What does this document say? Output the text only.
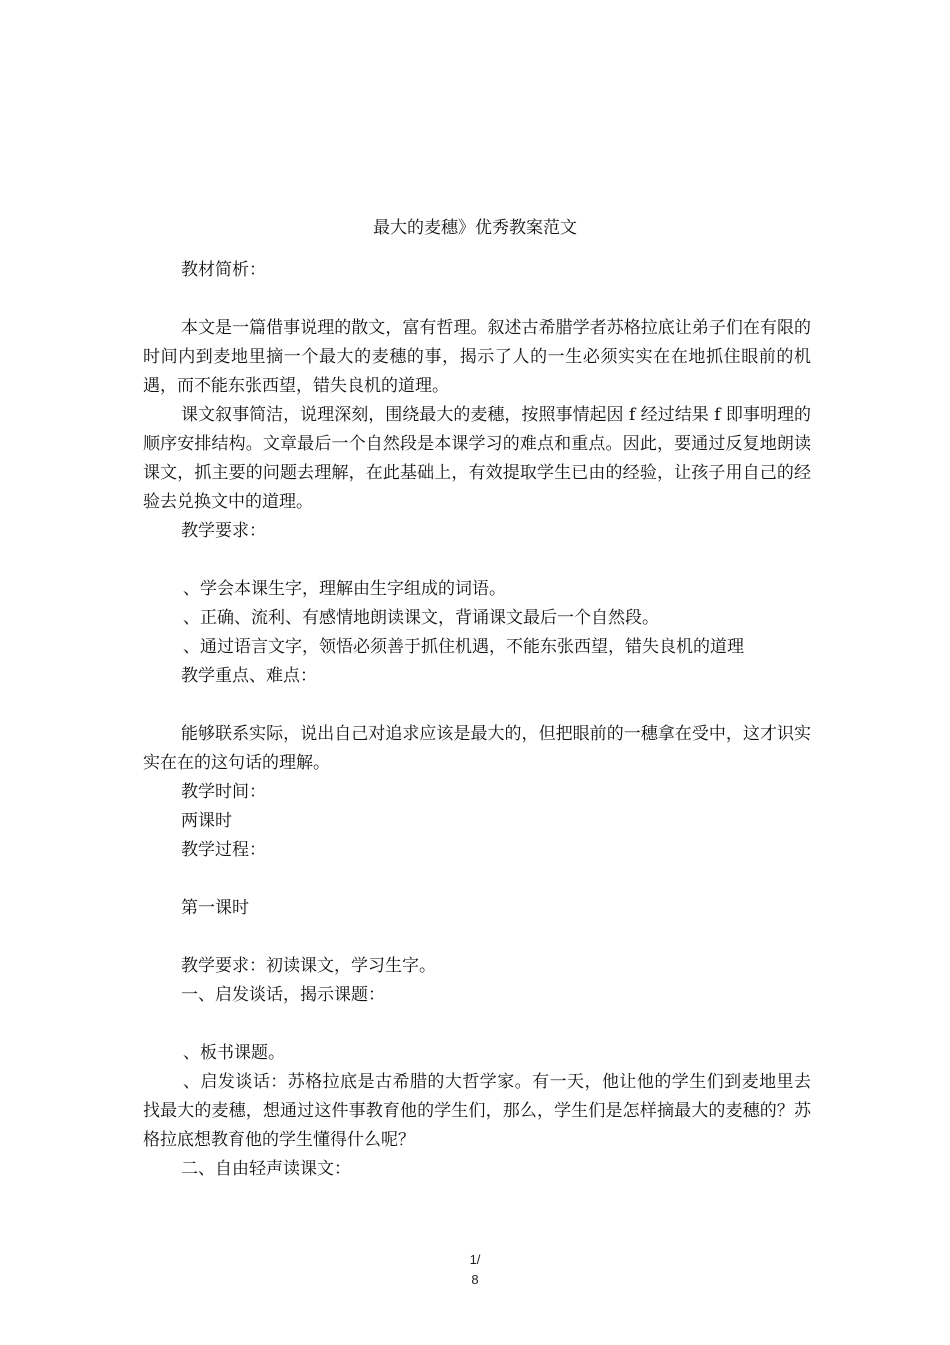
最大的麦穗》优秀教案范文

教材简析：

本文是一篇借事说理的散文，富有哲理。叙述古希腊学者苏格拉底让弟子们在有限的时间内到麦地里摘一个最大的麦穗的事，揭示了人的一生必须实实在在地抓住眼前的机遇，而不能东张西望，错失良机的道理。

课文叙事简洁，说理深刻，围绕最大的麦穗，按照事情起因 f 经过结果 f 即事明理的顺序安排结构。文章最后一个自然段是本课学习的难点和重点。因此，要通过反复地朗读课文，抓主要的问题去理解，在此基础上，有效提取学生已由的经验，让孩子用自己的经验去兑换文中的道理。

教学要求：

、学会本课生字，理解由生字组成的词语。

、正确、流利、有感情地朗读课文，背诵课文最后一个自然段。

、通过语言文字，领悟必须善于抓住机遇，不能东张西望，错失良机的道理

教学重点、难点：

能够联系实际，说出自己对追求应该是最大的，但把眼前的一穗拿在受中，这才识实实在在的这句话的理解。

教学时间：

两课时

教学过程：

第一课时

教学要求：初读课文，学习生字。

一、启发谈话，揭示课题：

、板书课题。

、启发谈话：苏格拉底是古希腊的大哲学家。有一天，他让他的学生们到麦地里去找最大的麦穗，想通过这件事教育他的学生们，那么，学生们是怎样摘最大的麦穗的？苏格拉底想教育他的学生懂得什么呢？

二、自由轻声读课文：

1/
8
